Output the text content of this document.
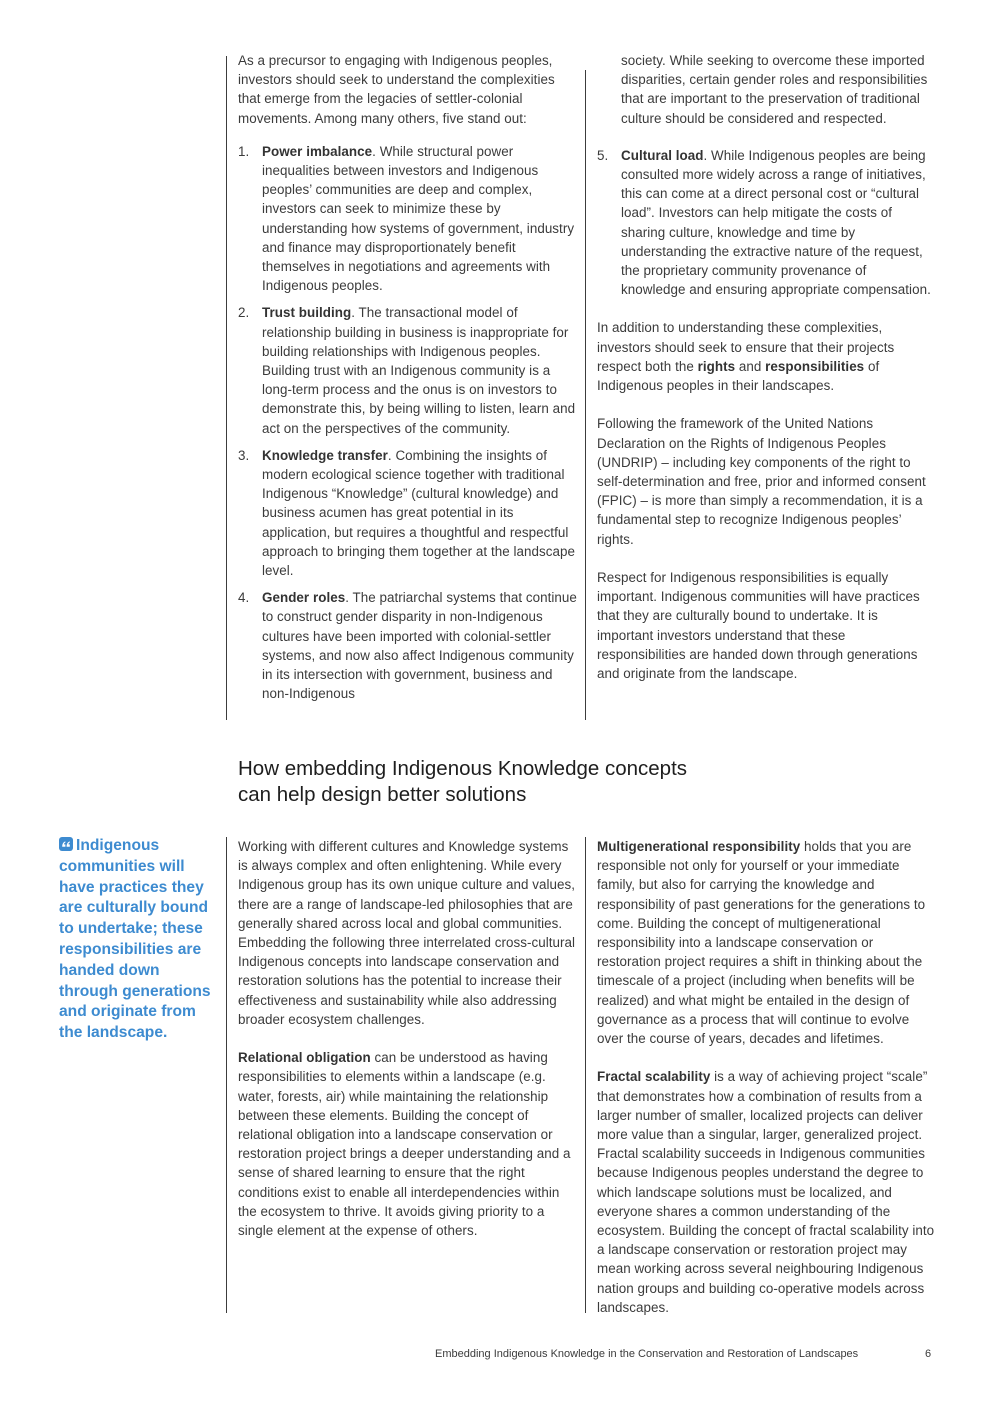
As a precursor to engaging with Indigenous peoples, investors should seek to understand the complexities that emerge from the legacies of settler-colonial movements. Among many others, five stand out:

1. Power imbalance. While structural power inequalities between investors and Indigenous peoples’ communities are deep and complex, investors can seek to minimize these by understanding how systems of government, industry and finance may disproportionately benefit themselves in negotiations and agreements with Indigenous peoples.
2. Trust building. The transactional model of relationship building in business is inappropriate for building relationships with Indigenous peoples. Building trust with an Indigenous community is a long-term process and the onus is on investors to demonstrate this, by being willing to listen, learn and act on the perspectives of the community.
3. Knowledge transfer. Combining the insights of modern ecological science together with traditional Indigenous “Knowledge” (cultural knowledge) and business acumen has great potential in its application, but requires a thoughtful and respectful approach to bringing them together at the landscape level.
4. Gender roles. The patriarchal systems that continue to construct gender disparity in non-Indigenous cultures have been imported with colonial-settler systems, and now also affect Indigenous community in its intersection with government, business and non-Indigenous
society. While seeking to overcome these imported disparities, certain gender roles and responsibilities that are important to the preservation of traditional culture should be considered and respected.
5. Cultural load. While Indigenous peoples are being consulted more widely across a range of initiatives, this can come at a direct personal cost or “cultural load”. Investors can help mitigate the costs of sharing culture, knowledge and time by understanding the extractive nature of the request, the proprietary community provenance of knowledge and ensuring appropriate compensation.

In addition to understanding these complexities, investors should seek to ensure that their projects respect both the rights and responsibilities of Indigenous peoples in their landscapes.

Following the framework of the United Nations Declaration on the Rights of Indigenous Peoples (UNDRIP) – including key components of the right to self-determination and free, prior and informed consent (FPIC) – is more than simply a recommendation, it is a fundamental step to recognize Indigenous peoples’ rights.

Respect for Indigenous responsibilities is equally important. Indigenous communities will have practices that they are culturally bound to undertake. It is important investors understand that these responsibilities are handed down through generations and originate from the landscape.

How embedding Indigenous Knowledge concepts can help design better solutions
Indigenous communities will have practices they are culturally bound to undertake; these responsibilities are handed down through generations and originate from the landscape.

Working with different cultures and Knowledge systems is always complex and often enlightening. While every Indigenous group has its own unique culture and values, there are a range of landscape-led philosophies that are generally shared across local and global communities. Embedding the following three interrelated cross-cultural Indigenous concepts into landscape conservation and restoration solutions has the potential to increase their effectiveness and sustainability while also addressing broader ecosystem challenges.

Relational obligation can be understood as having responsibilities to elements within a landscape (e.g. water, forests, air) while maintaining the relationship between these elements. Building the concept of relational obligation into a landscape conservation or restoration project brings a deeper understanding and a sense of shared learning to ensure that the right conditions exist to enable all interdependencies within the ecosystem to thrive. It avoids giving priority to a single element at the expense of others.

Multigenerational responsibility holds that you are responsible not only for yourself or your immediate family, but also for carrying the knowledge and responsibility of past generations for the generations to come. Building the concept of multigenerational responsibility into a landscape conservation or restoration project requires a shift in thinking about the timescale of a project (including when benefits will be realized) and what might be entailed in the design of governance as a process that will continue to evolve over the course of years, decades and lifetimes.

Fractal scalability is a way of achieving project “scale” that demonstrates how a combination of results from a larger number of smaller, localized projects can deliver more value than a singular, larger, generalized project. Fractal scalability succeeds in Indigenous communities because Indigenous peoples understand the degree to which landscape solutions must be localized, and everyone shares a common understanding of the ecosystem. Building the concept of fractal scalability into a landscape conservation or restoration project may mean working across several neighbouring Indigenous nation groups and building co-operative models across landscapes.

Embedding Indigenous Knowledge in the Conservation and Restoration of Landscapes	6
